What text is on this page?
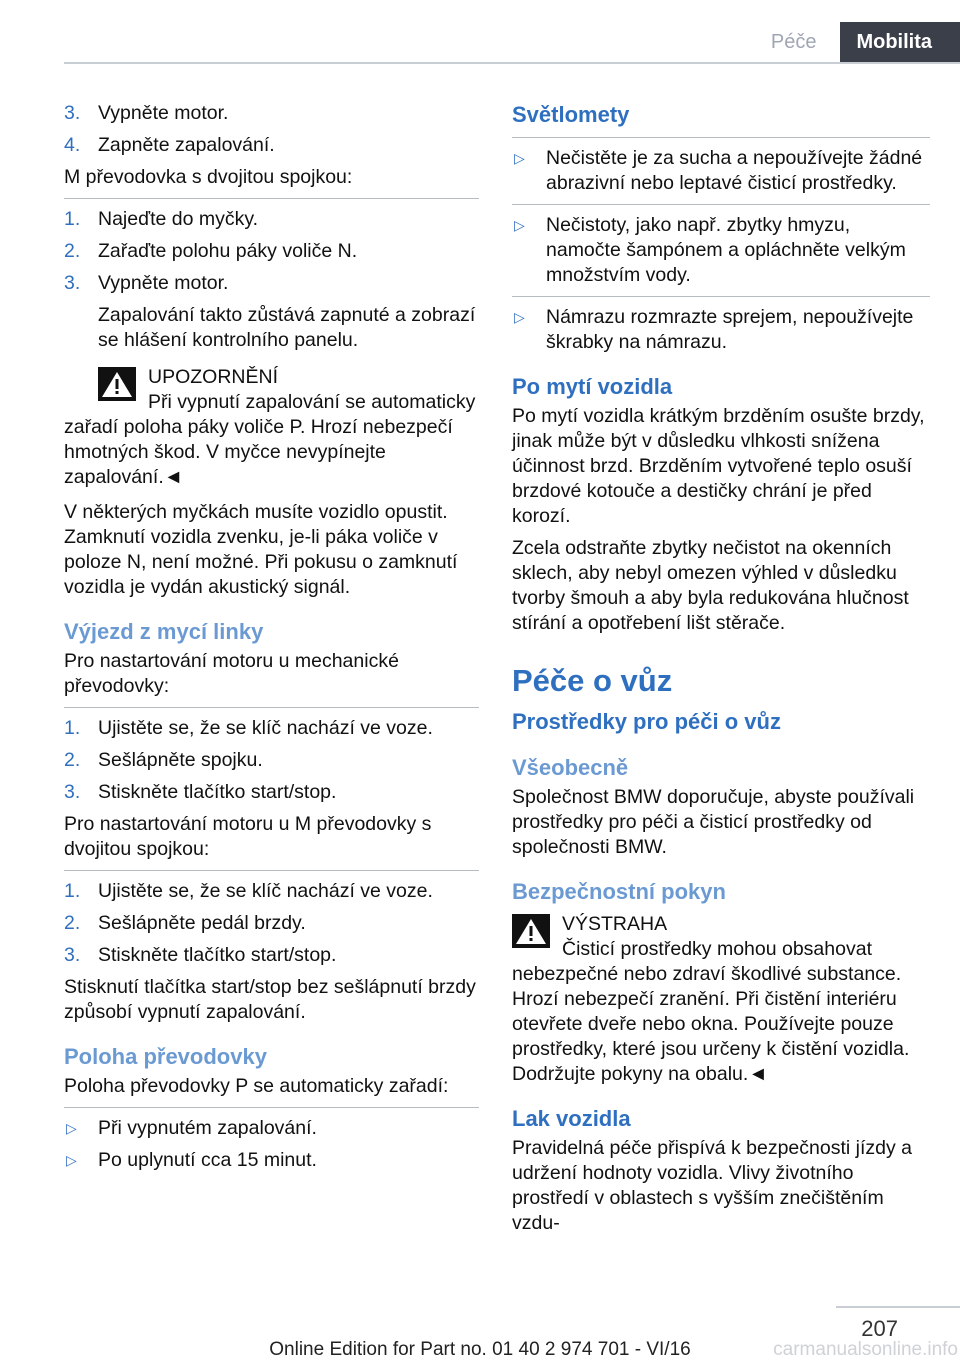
Péče	Mobilita
3. Vypněte motor.
4. Zapněte zapalování.

M převodovka s dvojitou spojkou:

1. Najeďte do myčky.
2. Zařaďte polohu páky voliče N.
3. Vypněte motor.

Zapalování takto zůstává zapnuté a zobrazí se hlášení kontrolního panelu.

UPOZORNĚNÍ
Při vypnutí zapalování se automaticky zařadí poloha páky voliče P. Hrozí nebezpečí hmotných škod. V myčce nevypínejte zapalování.◄

V některých myčkách musíte vozidlo opustit. Zamknutí vozidla zvenku, je-li páka voliče v poloze N, není možné. Při pokusu o zamknutí vozidla je vydán akustický signál.

Výjezd z mycí linky

Pro nastartování motoru u mechanické převodovky:

1. Ujistěte se, že se klíč nachází ve voze.
2. Sešlápněte spojku.
3. Stiskněte tlačítko start/stop.

Pro nastartování motoru u M převodovky s dvojitou spojkou:

1. Ujistěte se, že se klíč nachází ve voze.
2. Sešlápněte pedál brzdy.
3. Stiskněte tlačítko start/stop.

Stisknutí tlačítka start/stop bez sešlápnutí brzdy způsobí vypnutí zapalování.

Poloha převodovky

Poloha převodovky P se automaticky zařadí:

▷ Při vypnutém zapalování.
▷ Po uplynutí cca 15 minut.
Světlomety
▷ Nečistěte je za sucha a nepoužívejte žádné abrazivní nebo leptavé čisticí prostředky.
▷ Nečistoty, jako např. zbytky hmyzu, namočte šampónem a opláchněte velkým množstvím vody.
▷ Námrazu rozmrazte sprejem, nepoužívejte škrabky na námrazu.
Po mytí vozidla

Po mytí vozidla krátkým brzděním osušte brzdy, jinak může být v důsledku vlhkosti snížena účinnost brzd. Brzděním vytvořené teplo osuší brzdové kotouče a destičky chrání je před korozí.

Zcela odstraňte zbytky nečistot na okenních sklech, aby nebyl omezen výhled v důsledku tvorby šmouh a aby byla redukována hlučnost stírání a opotřebení lišt stěrače.

Péče o vůz
Prostředky pro péči o vůz
Všeobecně

Společnost BMW doporučuje, abyste používali prostředky pro péči a čisticí prostředky od společnosti BMW.

Bezpečnostní pokyn
VÝSTRAHA
Čisticí prostředky mohou obsahovat nebezpečné nebo zdraví škodlivé substance. Hrozí nebezpečí zranění. Při čistění interiéru otevřete dveře nebo okna. Používejte pouze prostředky, které jsou určeny k čistění vozidla. Dodržujte pokyny na obalu.◄
Lak vozidla

Pravidelná péče přispívá k bezpečnosti jízdy a udržení hodnoty vozidla. Vlivy životního prostředí v oblastech s vyšším znečištěním vzdu-

207
Online Edition for Part no. 01 40 2 974 701 - VI/16	carmanualsonline.info
